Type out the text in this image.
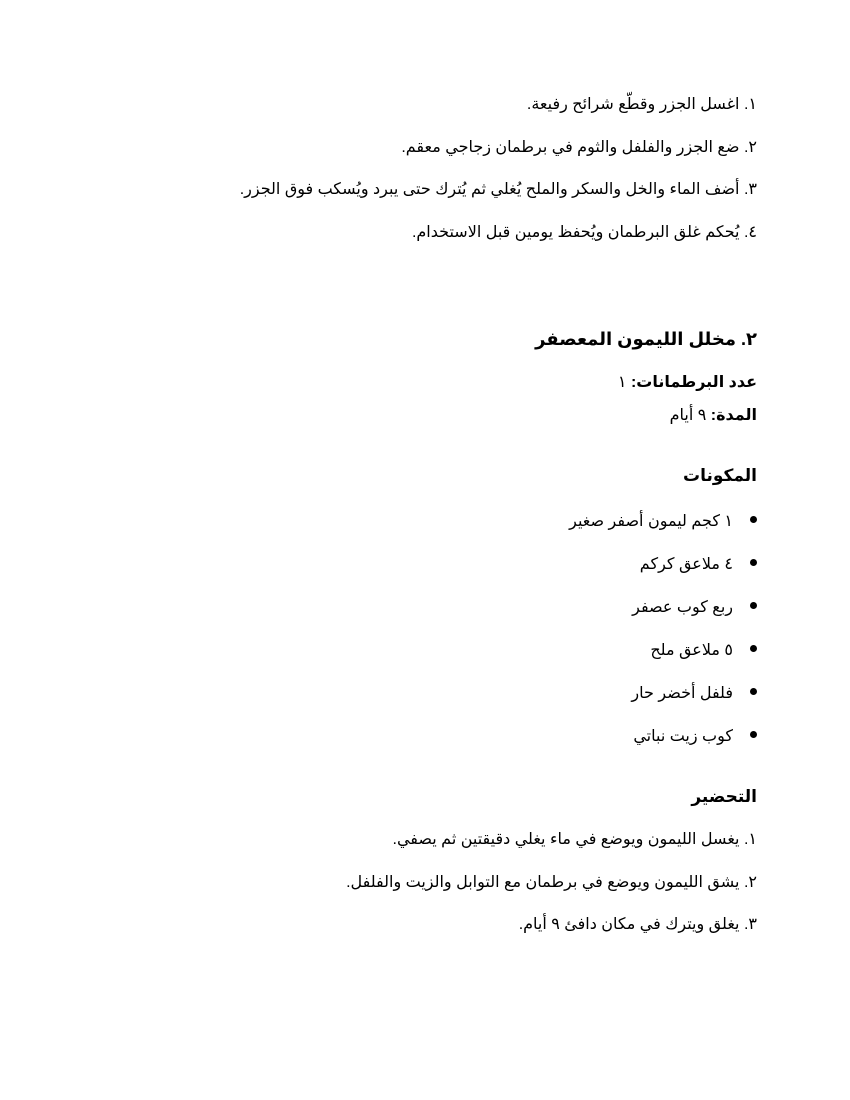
١. اغسل الجزر وقطّع شرائح رفيعة.
٢. ضع الجزر والفلفل والثوم في برطمان زجاجي معقم.
٣. أضف الماء والخل والسكر والملح يُغلي ثم يُترك حتى يبرد ويُسكب فوق الجزر.
٤. يُحكم غلق البرطمان ويُحفظ يومين قبل الاستخدام.
٢. مخلل الليمون المعصفر
عدد البرطمانات: ١
المدة: ٩ أيام
المكونات
١ كجم ليمون أصفر صغير
٤ ملاعق كركم
ربع كوب عصفر
٥ ملاعق ملح
فلفل أخضر حار
كوب زيت نباتي
التحضير
١. يغسل الليمون ويوضع في ماء يغلي دقيقتين ثم يصفي.
٢. يشق الليمون ويوضع في برطمان مع التوابل والزيت والفلفل.
٣. يغلق ويترك في مكان دافئ ٩ أيام.
